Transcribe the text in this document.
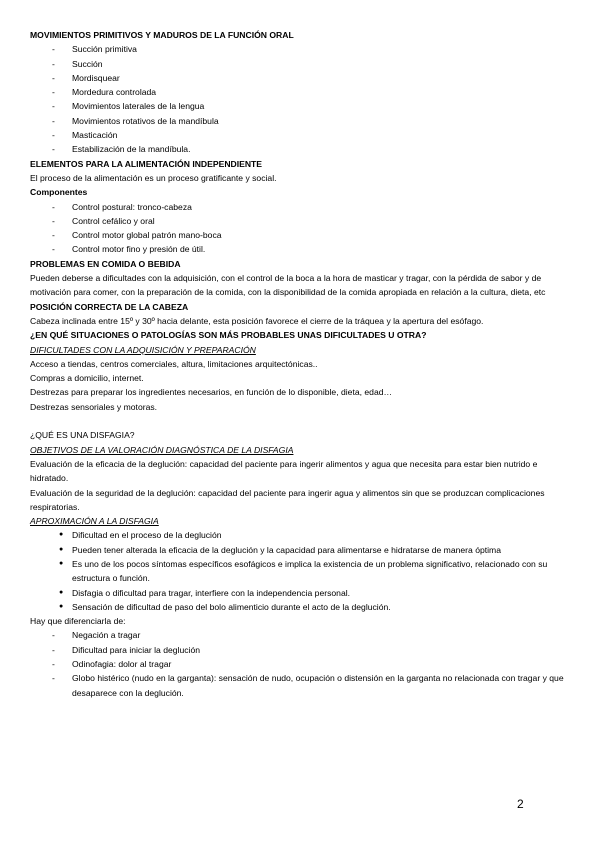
MOVIMIENTOS PRIMITIVOS Y MADUROS DE LA FUNCIÓN ORAL

- Succión primitiva
- Succión
- Mordisquear
- Mordedura controlada
- Movimientos laterales de la lengua
- Movimientos rotativos de la mandíbula
- Masticación
- Estabilización de la mandíbula.

ELEMENTOS PARA LA ALIMENTACIÓN INDEPENDIENTE

El proceso de la alimentación es un proceso gratificante y social.

Componentes

- Control postural: tronco-cabeza
- Control cefálico y oral
- Control motor global patrón mano-boca
- Control motor fino y presión de útil.

PROBLEMAS EN COMIDA O BEBIDA

Pueden deberse a dificultades con la adquisición, con el control de la boca a la hora de masticar y tragar, con la pérdida de sabor y de motivación para comer, con la preparación de la comida, con la disponibilidad de la comida apropiada en relación a la cultura, dieta, etc

POSICIÓN CORRECTA DE LA CABEZA

Cabeza inclinada entre 15º y 30º hacia delante, esta posición favorece el cierre de la tráquea y la apertura del esófago.

¿EN QUÉ SITUACIONES O PATOLOGÍAS SON MÁS PROBABLES UNAS DIFICULTADES U OTRA?

DIFICULTADES CON LA ADQUISICIÓN Y PREPARACIÓN

Acceso a tiendas, centros comerciales, altura, limitaciones arquitectónicas..

Compras a domicilio, internet.

Destrezas para preparar los ingredientes necesarios, en función de lo disponible, dieta, edad…

Destrezas sensoriales y motoras.

¿QUÉ ES UNA DISFAGIA?

OBJETIVOS DE LA VALORACIÓN DIAGNÓSTICA DE LA DISFAGIA

Evaluación de la eficacia de la deglución: capacidad del paciente para ingerir alimentos y agua que necesita para estar bien nutrido e hidratado.

Evaluación de la seguridad de la deglución: capacidad del paciente para ingerir agua y alimentos sin que se produzcan complicaciones respiratorias.

APROXIMACIÓN A LA DISFAGIA

● Dificultad en el proceso de la deglución
● Pueden tener alterada la eficacia de la deglución y la capacidad para alimentarse e hidratarse de manera óptima
● Es uno de los pocos síntomas específicos esofágicos e implica la existencia de un problema significativo, relacionado con su estructura o función.
● Disfagia o dificultad para tragar, interfiere con la independencia personal.
● Sensación de dificultad de paso del bolo alimenticio durante el acto de la deglución.

Hay que diferenciarla de:

- Negación a tragar
- Dificultad para iniciar la deglución
- Odinofagia: dolor al tragar
- Globo histérico (nudo en la garganta): sensación de nudo, ocupación o distensión en la garganta no relacionada con tragar y que desaparece con la deglución.
2
